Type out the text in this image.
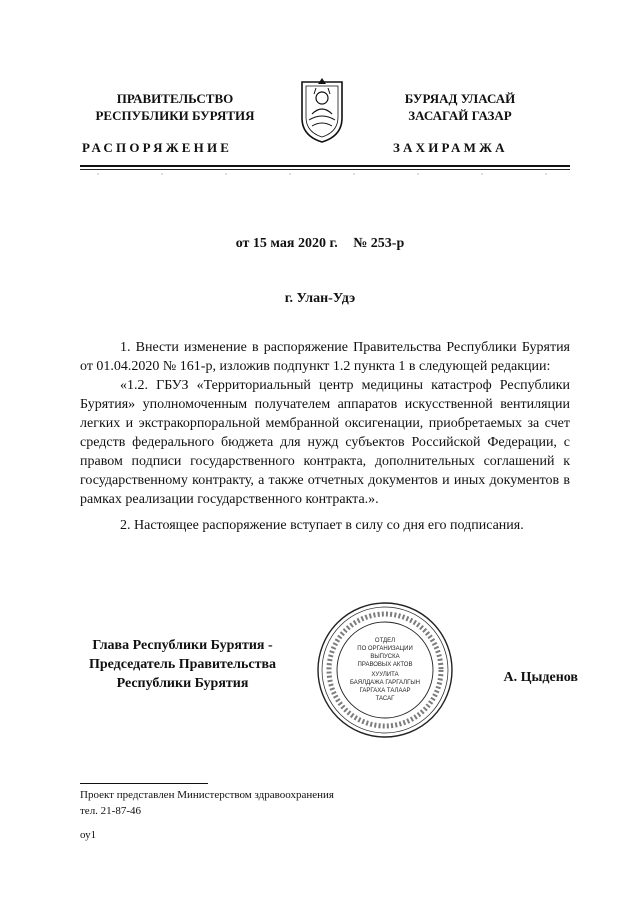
ПРАВИТЕЛЬСТВО
РЕСПУБЛИКИ БУРЯТИЯ
БУРЯАД УЛАСАЙ
ЗАСАГАЙ ГАЗАР
РАСПОРЯЖЕНИЕ	ЗАХИРАМЖА
от 15 мая 2020 г. № 253-р
г. Улан-Удэ

1. Внести изменение в распоряжение Правительства Республики Бурятия от 01.04.2020 № 161-р, изложив подпункт 1.2 пункта 1 в следующей редакции:

«1.2. ГБУЗ «Территориальный центр медицины катастроф Республики Бурятия» уполномоченным получателем аппаратов искусственной вентиляции легких и экстракорпоральной мембранной оксигенации, приобретаемых за счет средств федерального бюджета для нужд субъектов Российской Федерации, с правом подписи государственного контракта, дополнительных соглашений к государственному контракту, а также отчетных документов и иных документов в рамках реализации государственного контракта.».

2. Настоящее распоряжение вступает в силу со дня его подписания.

Глава Республики Бурятия -
Председатель Правительства
Республики Бурятия
ОТДЕЛ
ПО ОРГАНИЗАЦИИ
ВЫПУСКА
ПРАВОВЫХ АКТОВ
ХУУЛИТА
БАЯЛДАЖА ГАРГАЛГЫН
ГАРГАХА ТАЛААР
ТАСАГ
А. Цыденов
Проект представлен Министерством здравоохранения
тел. 21-87-46
оу1
